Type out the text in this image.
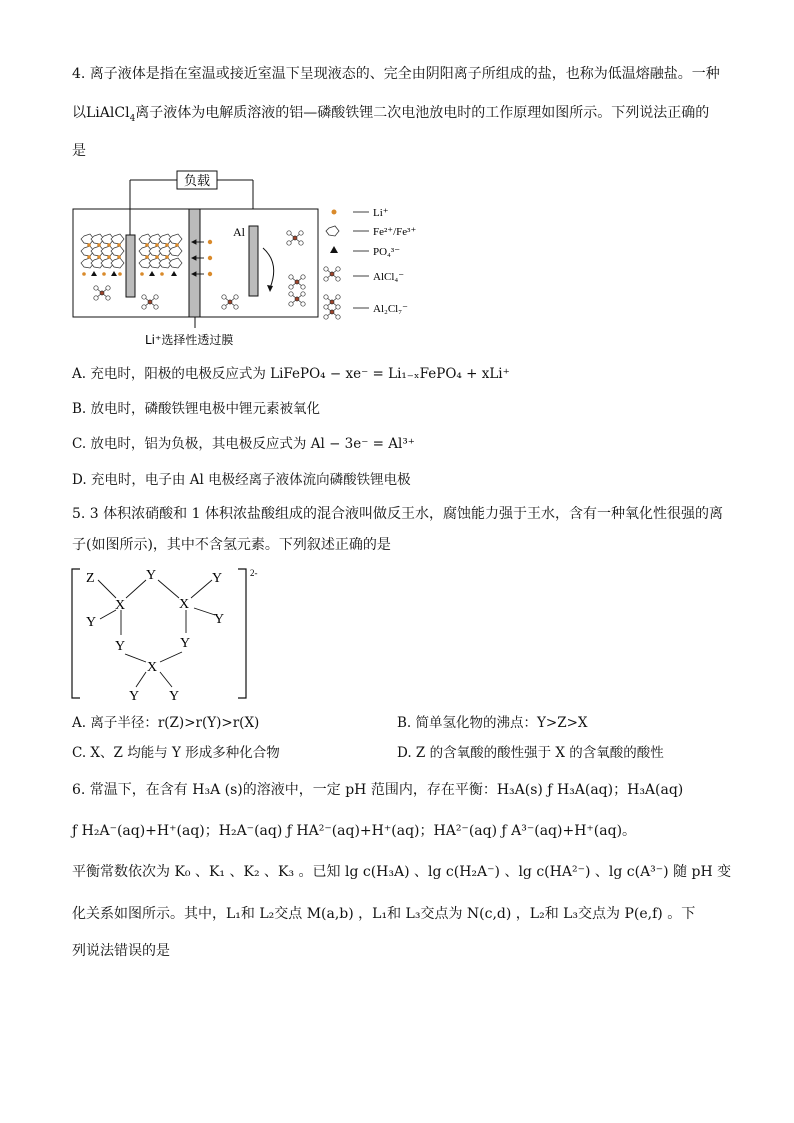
4. 离子液体是指在室温或接近室温下呈现液态的、完全由阴阳离子所组成的盐，也称为低温熔融盐。一种
以LiAlCl$_4$离子液体为电解质溶液的铝—磷酸铁锂二次电池放电时的工作原理如图所示。下列说法正确的
是
负载
Al
Li⁺
Fe²⁺/Fe³⁺
PO₄³⁻
AlCl₄⁻
Al₂Cl₇⁻
Li⁺选择性透过膜
A. 充电时，阳极的电极反应式为 LiFePO₄ − xe⁻ = Li₁₋ₓFePO₄ + xLi⁺
B. 放电时，磷酸铁锂电极中锂元素被氧化
C. 放电时，铝为负极，其电极反应式为 Al − 3e⁻ = Al³⁺
D. 充电时，电子由 Al 电极经离子液体流向磷酸铁锂电极
5. 3 体积浓硝酸和 1 体积浓盐酸组成的混合液叫做反王水，腐蚀能力强于王水，含有一种氧化性很强的离
子(如图所示)，其中不含氢元素。下列叙述正确的是
2-
Z	Y	Y
X	X
Y	Y
Y	Y
X
Y Y
A. 离子半径：r(Z)>r(Y)>r(X)	B. 简单氢化物的沸点：Y>Z>X
C. X、Z 均能与 Y 形成多种化合物	D. Z 的含氧酸的酸性强于 X 的含氧酸的酸性
6. 常温下，在含有 H₃A (s)的溶液中，一定 pH 范围内，存在平衡：H₃A(s) ƒ H₃A(aq)；H₃A(aq)
ƒ H₂A⁻(aq)+H⁺(aq)；H₂A⁻(aq) ƒ HA²⁻(aq)+H⁺(aq)；HA²⁻(aq) ƒ A³⁻(aq)+H⁺(aq)。
平衡常数依次为 K₀ 、K₁ 、K₂ 、K₃ 。已知 lg c(H₃A) 、lg c(H₂A⁻) 、lg c(HA²⁻) 、lg c(A³⁻) 随 pH 变
化关系如图所示。其中，L₁和 L₂交点 M(a,b) ，L₁和 L₃交点为 N(c,d) ，L₂和 L₃交点为 P(e,f) 。下
列说法错误的是
